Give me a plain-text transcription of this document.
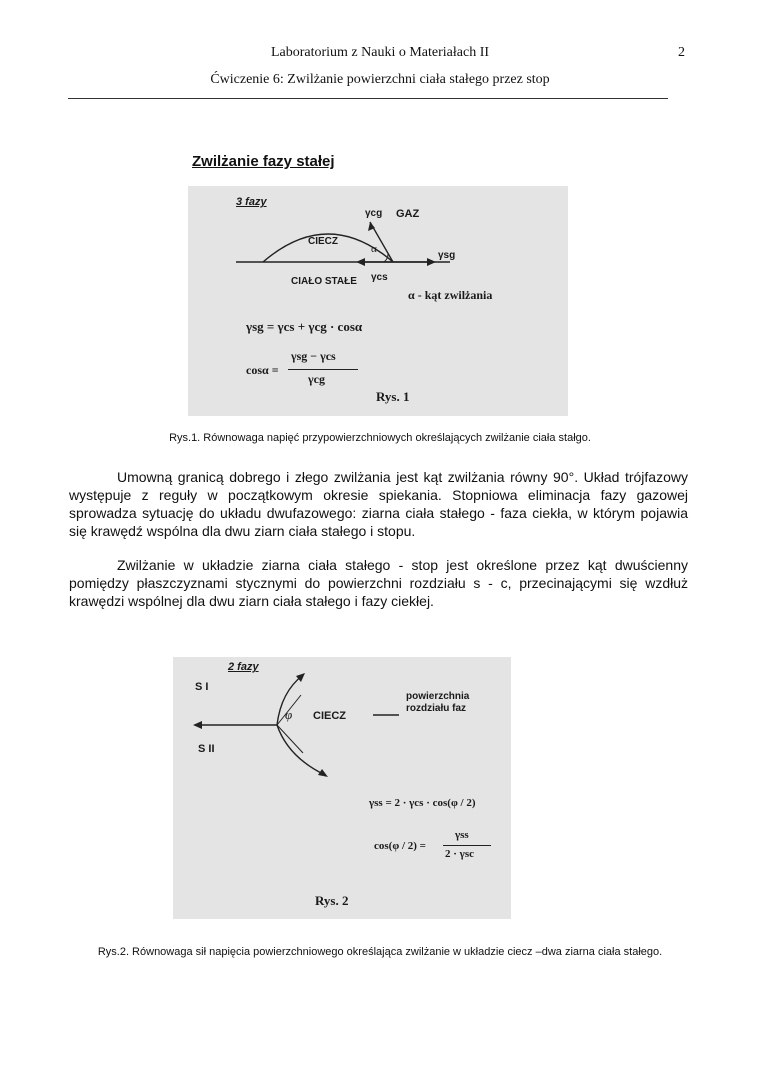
Laboratorium z Nauki o Materiałach II	2
Ćwiczenie 6: Zwilżanie powierzchni ciała stałego przez stop
Zwilżanie fazy stałej
3 fazy
γcg GAZ
CIECZ
α
γsg
CIAŁO STAŁE γcs
α - kąt zwilżania
γsg = γcs + γcg · cosα
cosα =
γsg − γcs
γcg
Rys. 1
Rys.1. Równowaga napięć przypowierzchniowych określających zwilżanie ciała stałgo.
Umowną granicą dobrego i złego zwilżania jest kąt zwilżania równy 90°. Układ trójfazowy występuje z reguły w początkowym okresie spiekania. Stopniowa eliminacja fazy gazowej sprowadza sytuację do układu dwufazowego: ziarna ciała stałego - faza ciekła, w którym pojawia się krawędź wspólna dla dwu ziarn ciała stałego i stopu.
Zwilżanie w układzie ziarna ciała stałego - stop jest określone przez kąt dwuścienny pomiędzy płaszczyznami stycznymi do powierzchni rozdziału s - c, przecinającymi się wzdłuż krawędzi wspólnej dla dwu ziarn ciała stałego i fazy ciekłej.
2 fazy
S I
S II
φ CIECZ
powierzchnia
rozdziału faz
γss = 2 · γcs · cos(φ / 2)
cos(φ / 2) =
γss
2 · γsc
Rys. 2
Rys.2. Równowaga sił napięcia powierzchniowego określająca zwilżanie w układzie ciecz –dwa ziarna ciała stałego.
